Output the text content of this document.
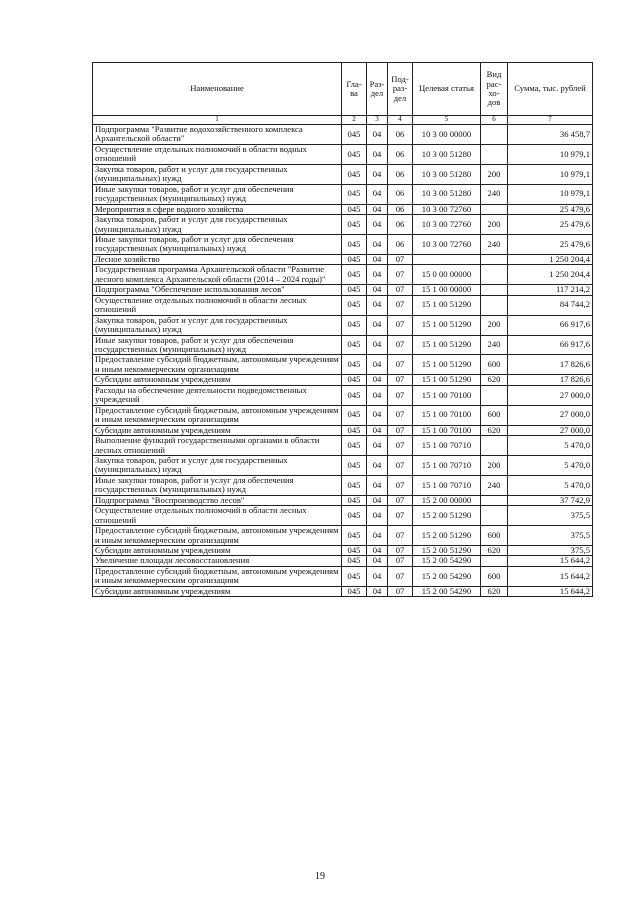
Наименование	Гла-ва	Раз-дел	Под-раз-дел	Целевая статья	Вид рас-хо-дов	Сумма, тыс. рублей
1	2	3	4	5	6	7
Подпрограмма "Развитие водохозяйственного комплекса Архангельской области"	045	04	06	10 3 00 00000		36 458,7
Осуществление отдельных полномочий в области водных отношений	045	04	06	10 3 00 51280		10 979,1
Закупка товаров, работ и услуг для государственных (муниципальных) нужд	045	04	06	10 3 00 51280	200	10 979,1
Иные закупки товаров, работ и услуг для обеспечения государственных (муниципальных) нужд	045	04	06	10 3 00 51280	240	10 979,1
Мероприятия в сфере водного хозяйства	045	04	06	10 3 00 72760		25 479,6
Закупка товаров, работ и услуг для государственных (муниципальных) нужд	045	04	06	10 3 00 72760	200	25 479,6
Иные закупки товаров, работ и услуг для обеспечения государственных (муниципальных) нужд	045	04	06	10 3 00 72760	240	25 479,6
Лесное хозяйство	045	04	07			1 250 204,4
Государственная программа Архангельской области "Развитие лесного комплекса Архангельской области (2014 – 2024 годы)"	045	04	07	15 0 00 00000		1 250 204,4
Подпрограмма "Обеспечение использования лесов"	045	04	07	15 1 00 00000		117 214,2
Осуществление отдельных полномочий в области лесных отношений	045	04	07	15 1 00 51290		84 744,2
Закупка товаров, работ и услуг для государственных (муниципальных) нужд	045	04	07	15 1 00 51290	200	66 917,6
Иные закупки товаров, работ и услуг для обеспечения государственных (муниципальных) нужд	045	04	07	15 1 00 51290	240	66 917,6
Предоставление субсидий бюджетным, автономным учреждениям и иным некоммерческим организациям	045	04	07	15 1 00 51290	600	17 826,6
Субсидии автономным учреждениям	045	04	07	15 1 00 51290	620	17 826,6
Расходы на обеспечение деятельности подведомственных учреждений	045	04	07	15 1 00 70100		27 000,0
Предоставление субсидий бюджетным, автономным учреждениям и иным некоммерческим организациям	045	04	07	15 1 00 70100	600	27 000,0
Субсидии автономным учреждениям	045	04	07	15 1 00 70100	620	27 000,0
Выполнение функций государственными органами в области лесных отношений	045	04	07	15 1 00 70710		5 470,0
Закупка товаров, работ и услуг для государственных (муниципальных) нужд	045	04	07	15 1 00 70710	200	5 470,0
Иные закупки товаров, работ и услуг для обеспечения государственных (муниципальных) нужд	045	04	07	15 1 00 70710	240	5 470,0
Подпрограмма "Воспроизводство лесов"	045	04	07	15 2 00 00000		37 742,9
Осуществление отдельных полномочий в области лесных отношений	045	04	07	15 2 00 51290		375,5
Предоставление субсидий бюджетным, автономным учреждениям и иным некоммерческим организациям	045	04	07	15 2 00 51290	600	375,5
Субсидии автономным учреждениям	045	04	07	15 2 00 51290	620	375,5
Увеличение площади лесовосстановления	045	04	07	15 2 00 54290		15 644,2
Предоставление субсидий бюджетным, автономным учреждениям и иным некоммерческим организациям	045	04	07	15 2 00 54290	600	15 644,2
Субсидии автономным учреждениям	045	04	07	15 2 00 54290	620	15 644,2
19
